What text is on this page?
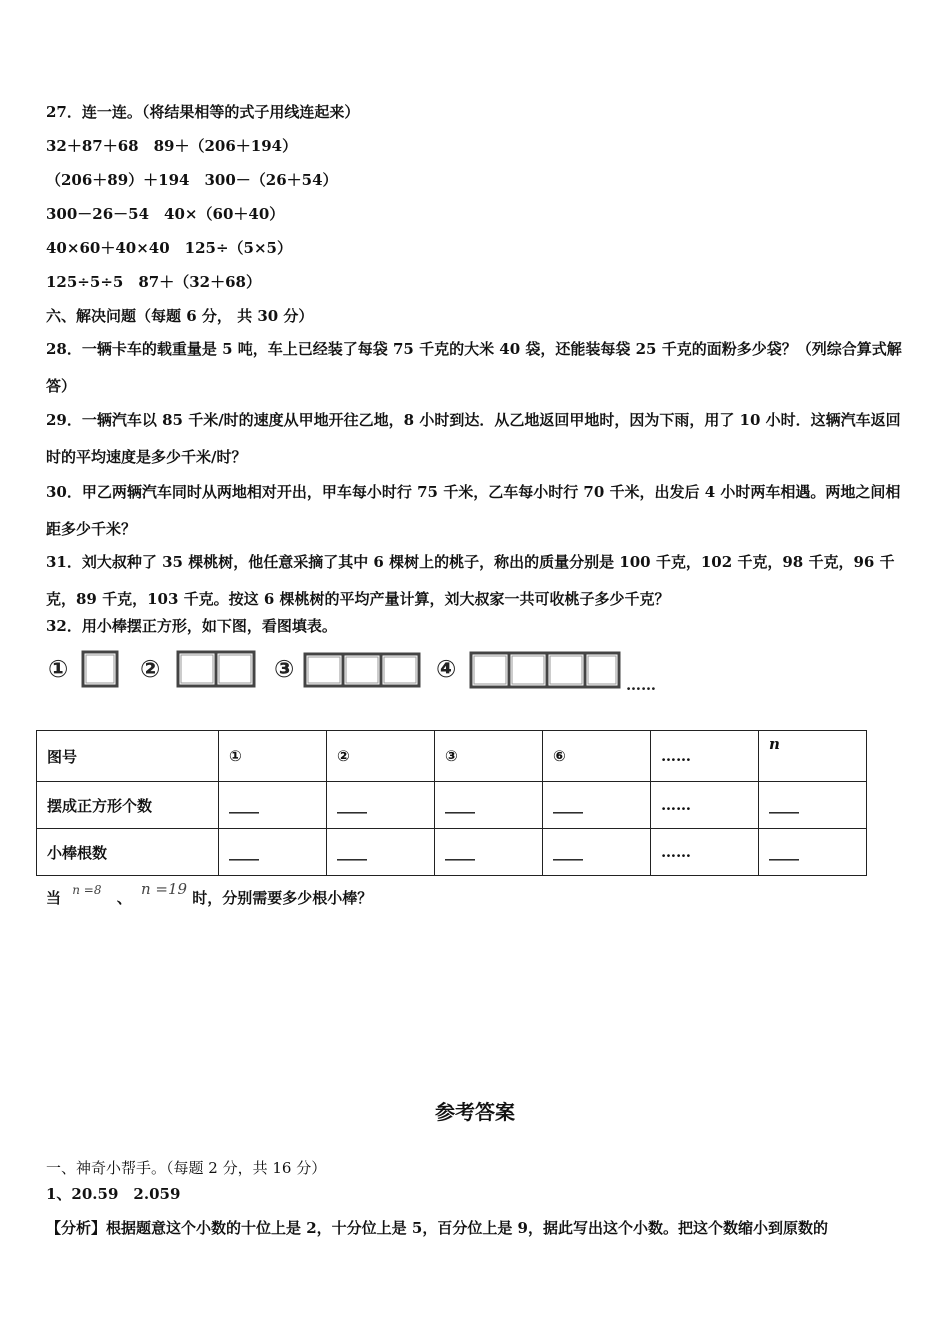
27．连一连。（将结果相等的式子用线连起来）
32＋87＋68　89＋（206＋194）
（206＋89）＋194　300－（26＋54）
300－26－54　40×（60＋40）
40×60＋40×40　125÷（5×5）
125÷5÷5　87＋（32＋68）
六、解决问题（每题 6 分， 共 30 分）
28．一辆卡车的载重量是 5 吨，车上已经装了每袋 75 千克的大米 40 袋，还能装每袋 25 千克的面粉多少袋？（列综合算式解答）
29．一辆汽车以 85 千米/时的速度从甲地开往乙地，8 小时到达．从乙地返回甲地时，因为下雨，用了 10 小时．这辆汽车返回时的平均速度是多少千米/时？
30．甲乙两辆汽车同时从两地相对开出，甲车每小时行 75 千米，乙车每小时行 70 千米，出发后 4 小时两车相遇。两地之间相距多少千米？
31．刘大叔种了 35 棵桃树，他任意采摘了其中 6 棵树上的桃子，称出的质量分别是 100 千克，102 千克，98 千克，96 千克，89 千克，103 千克。按这 6 棵桃树的平均产量计算，刘大叔家一共可收桃子多少千克？
32．用小棒摆正方形，如下图，看图填表。
①	②	③	④
……
图号	①	②	③	⑥	……	n
摆成正方形个数	____	____	____	____	……	____
小棒根数	____	____	____	____	……	____
当 $^{n =8}$ 、 n =19 时，分别需要多少根小棒？
参考答案
一、神奇小帮手。（每题 2 分，共 16 分）
1、20.59　2.059
【分析】根据题意这个小数的十位上是 2，十分位上是 5，百分位上是 9，据此写出这个小数。把这个数缩小到原数的
